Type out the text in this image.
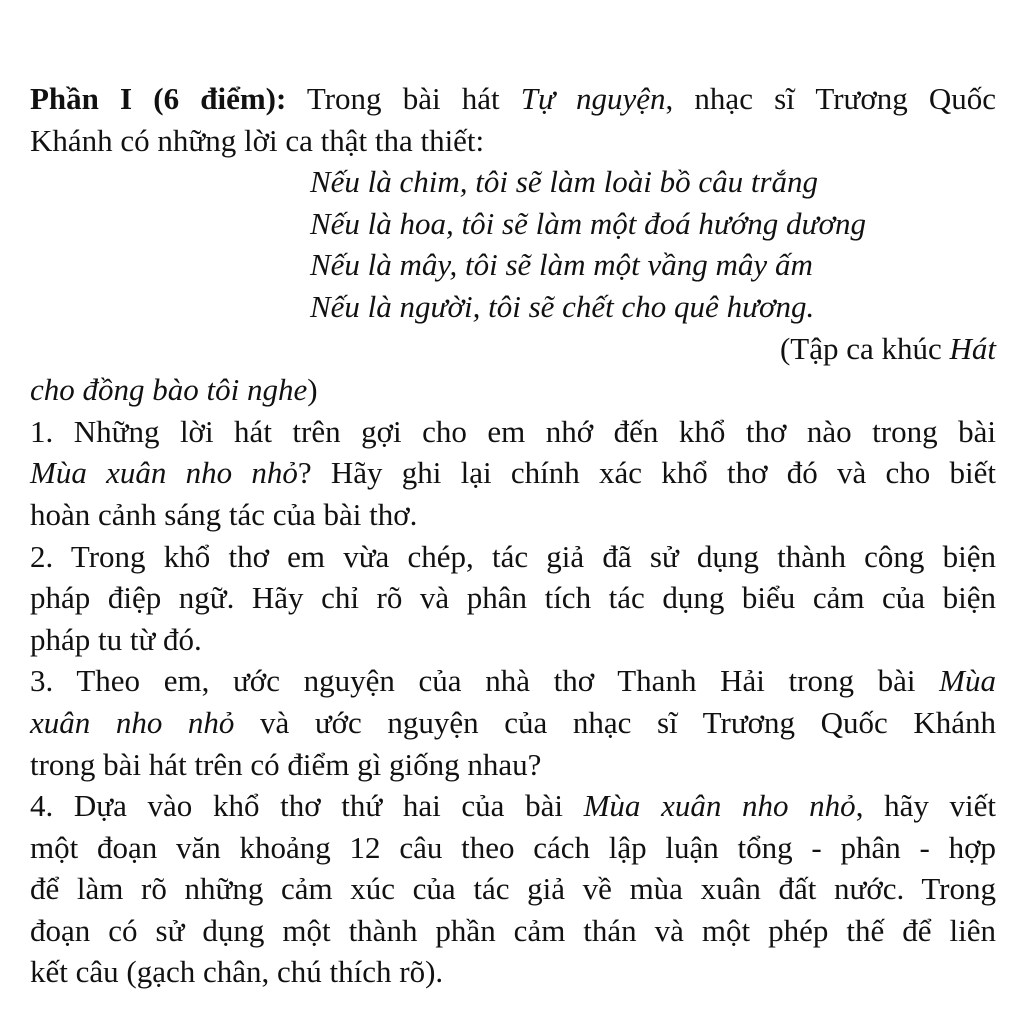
Phần I (6 điểm): Trong bài hát Tự nguyện, nhạc sĩ Trương Quốc
Khánh có những lời ca thật tha thiết:
Nếu là chim, tôi sẽ làm loài bồ câu trắng
Nếu là hoa, tôi sẽ làm một đoá hướng dương
Nếu là mây, tôi sẽ làm một vầng mây ấm
Nếu là người, tôi sẽ chết cho quê hương.
(Tập ca khúc Hát
cho đồng bào tôi nghe)
1. Những lời hát trên gợi cho em nhớ đến khổ thơ nào trong bài
Mùa xuân nho nhỏ? Hãy ghi lại chính xác khổ thơ đó và cho biết
hoàn cảnh sáng tác của bài thơ.
2. Trong khổ thơ em vừa chép, tác giả đã sử dụng thành công biện
pháp điệp ngữ. Hãy chỉ rõ và phân tích tác dụng biểu cảm của biện
pháp tu từ đó.
3. Theo em, ước nguyện của nhà thơ Thanh Hải trong bài Mùa
xuân nho nhỏ và ước nguyện của nhạc sĩ Trương Quốc Khánh
trong bài hát trên có điểm gì giống nhau?
4. Dựa vào khổ thơ thứ hai của bài Mùa xuân nho nhỏ, hãy viết
một đoạn văn khoảng 12 câu theo cách lập luận tổng - phân - hợp
để làm rõ những cảm xúc của tác giả về mùa xuân đất nước. Trong
đoạn có sử dụng một thành phần cảm thán và một phép thế để liên
kết câu (gạch chân, chú thích rõ).
